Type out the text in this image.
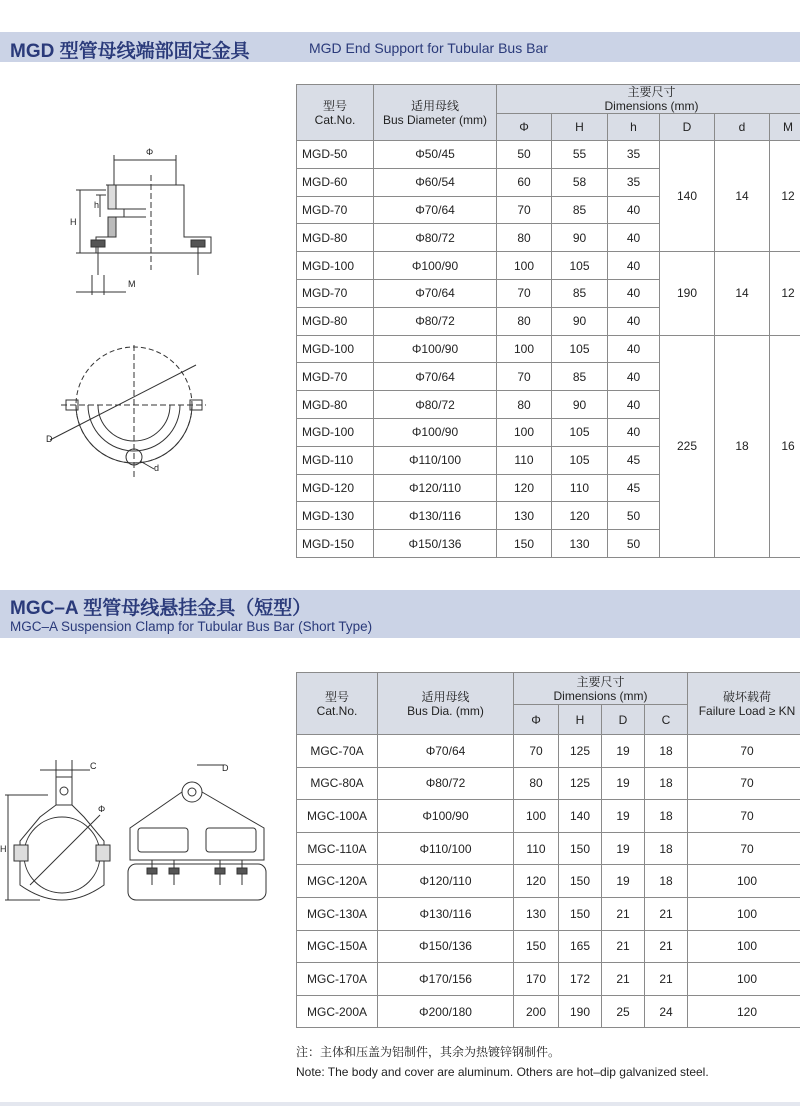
MGD 型管母线端部固定金具	MGD End Support for Tubular Bus Bar
Φ
H
h
M
D
d
型号
Cat.No.	适用母线
Bus Diameter (mm)	主要尺寸
Dimensions (mm)					
		Φ	H	h	D	d	M
MGD-50	Φ50/45	50	55	35	140	14	12
MGD-60	Φ60/54	60	58	35			
MGD-70	Φ70/64	70	85	40			
MGD-80	Φ80/72	80	90	40			
MGD-100	Φ100/90	100	105	40	190	14	12
MGD-70	Φ70/64	70	85	40			
MGD-80	Φ80/72	80	90	40			
MGD-100	Φ100/90	100	105	40	225	18	16
MGD-70	Φ70/64	70	85	40			
MGD-80	Φ80/72	80	90	40			
MGD-100	Φ100/90	100	105	40			
MGD-110	Φ110/100	110	105	45			
MGD-120	Φ120/110	120	110	45			
MGD-130	Φ130/116	130	120	50			
MGD-150	Φ150/136	150	130	50			
MGC–A 型管母线悬挂金具（短型）
MGC–A Suspension Clamp for Tubular Bus Bar (Short Type)
C
Φ
H
D
型号
Cat.No.	适用母线
Bus Dia. (mm)	主要尺寸
Dimensions (mm)				破坏载荷
Failure Load ≥ KN
		Φ	H	D	C	
MGC-70A	Φ70/64	70	125	19	18	70
MGC-80A	Φ80/72	80	125	19	18	70
MGC-100A	Φ100/90	100	140	19	18	70
MGC-110A	Φ110/100	110	150	19	18	70
MGC-120A	Φ120/110	120	150	19	18	100
MGC-130A	Φ130/116	130	150	21	21	100
MGC-150A	Φ150/136	150	165	21	21	100
MGC-170A	Φ170/156	170	172	21	21	100
MGC-200A	Φ200/180	200	190	25	24	120
注：主体和压盖为铝制件，其余为热镀锌钢制件。
Note: The body and cover are aluminum. Others are hot–dip galvanized steel.
